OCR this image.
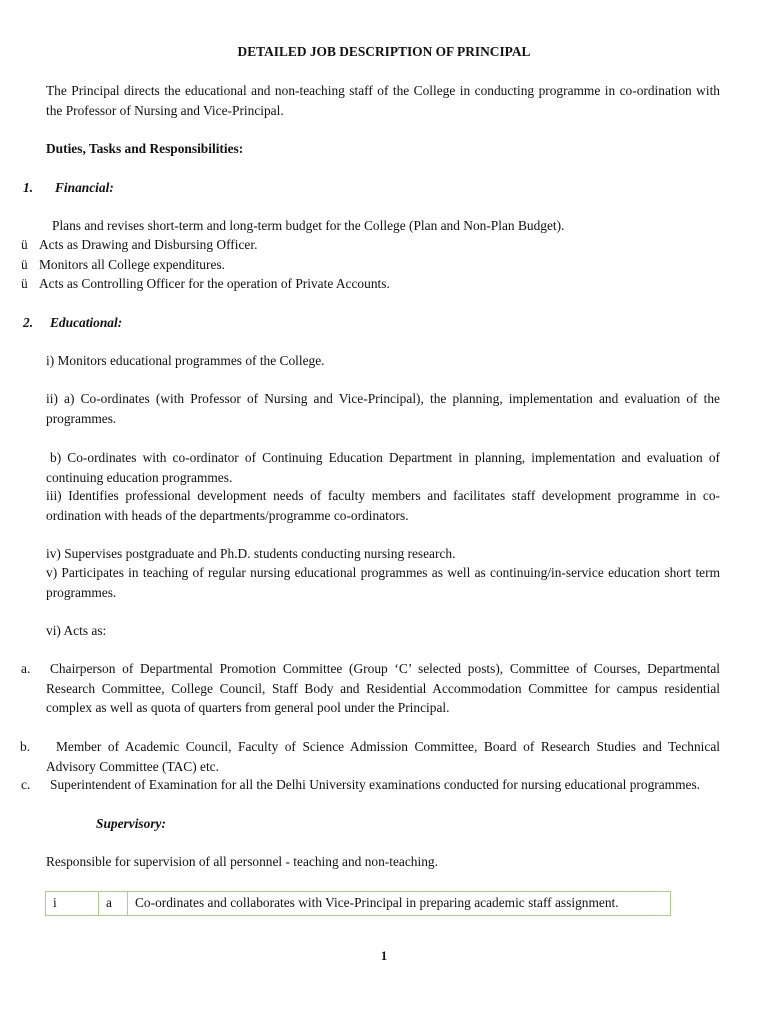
DETAILED JOB DESCRIPTION OF PRINCIPAL
The Principal directs the educational and non-teaching staff of the College in conducting programme in co-ordination with the Professor of Nursing and Vice-Principal.
Duties, Tasks and Responsibilities:
1. Financial:
Plans and revises short-term and long-term budget for the College (Plan and Non-Plan Budget).
ü Acts as Drawing and Disbursing Officer.
ü Monitors all College expenditures.
ü Acts as Controlling Officer for the operation of Private Accounts.
2. Educational:
i) Monitors educational programmes of the College.
ii) a) Co-ordinates (with Professor of Nursing and Vice-Principal), the planning, implementation and evaluation of the programmes.
b) Co-ordinates with co-ordinator of Continuing Education Department in planning, implementation and evaluation of continuing education programmes.
iii) Identifies professional development needs of faculty members and facilitates staff development programme in co-ordination with heads of the departments/programme co-ordinators.
iv) Supervises postgraduate and Ph.D. students conducting nursing research.
v) Participates in teaching of regular nursing educational programmes as well as continuing/in-service education short term programmes.
vi) Acts as:
a. Chairperson of Departmental Promotion Committee (Group ‘C’ selected posts), Committee of Courses, Departmental Research Committee, College Council, Staff Body and Residential Accommodation Committee for campus residential complex as well as quota of quarters from general pool under the Principal.
b.	Member of Academic Council, Faculty of Science Admission Committee, Board of Research Studies and Technical Advisory Committee (TAC) etc.
c. Superintendent of Examination for all the Delhi University examinations conducted for nursing educational programmes.
Supervisory:
Responsible for supervision of all personnel - teaching and non-teaching.
i	a	Co-ordinates and collaborates with Vice-Principal in preparing academic staff assignment.
1
